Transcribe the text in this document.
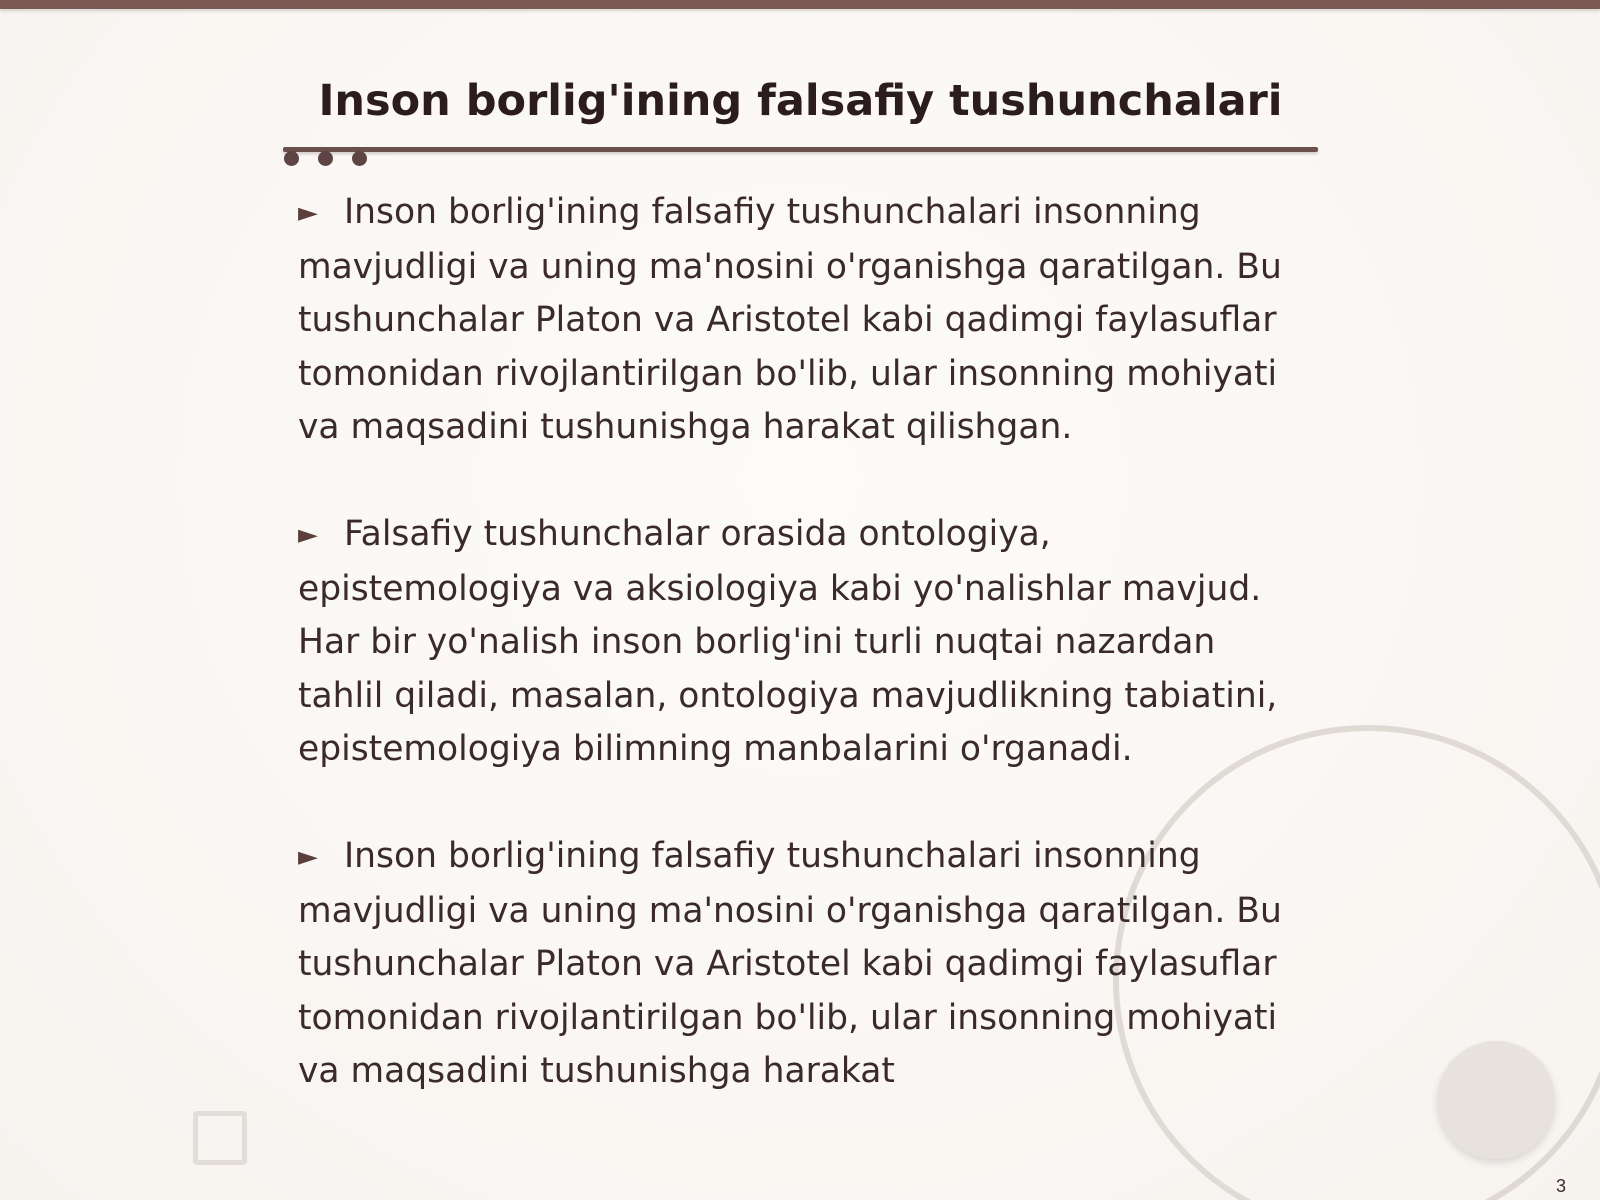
Inson borlig'ining falsafiy tushunchalari

► Inson borlig'ining falsafiy tushunchalari insonning mavjudligi va uning ma'nosini o'rganishga qaratilgan. Bu tushunchalar Platon va Aristotel kabi qadimgi faylasuflar tomonidan rivojlantirilgan bo'lib, ular insonning mohiyati va maqsadini tushunishga harakat qilishgan.

► Falsafiy tushunchalar orasida ontologiya, epistemologiya va aksiologiya kabi yo'nalishlar mavjud. Har bir yo'nalish inson borlig'ini turli nuqtai nazardan tahlil qiladi, masalan, ontologiya mavjudlikning tabiatini, epistemologiya bilimning manbalarini o'rganadi.

► Inson borlig'ining falsafiy tushunchalari insonning mavjudligi va uning ma'nosini o'rganishga qaratilgan. Bu tushunchalar Platon va Aristotel kabi qadimgi faylasuflar tomonidan rivojlantirilgan bo'lib, ular insonning mohiyati va maqsadini tushunishga harakat

3
